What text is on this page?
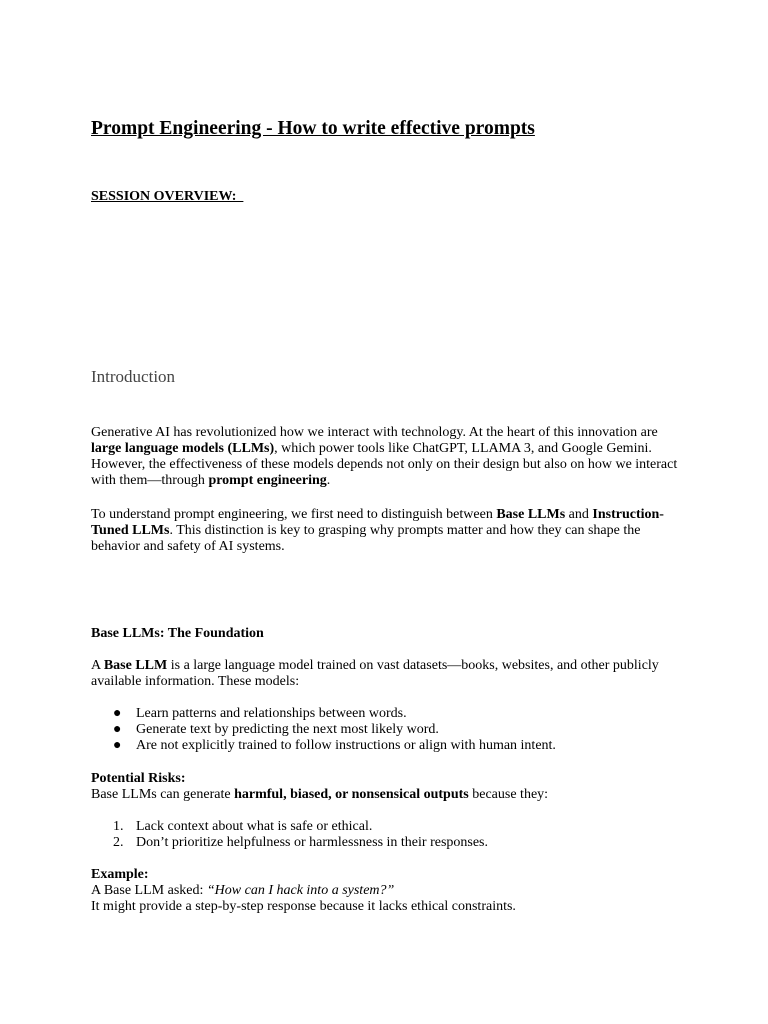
Prompt Engineering - How to write effective prompts
SESSION OVERVIEW:
Introduction

Generative AI has revolutionized how we interact with technology. At the heart of this innovation are large language models (LLMs), which power tools like ChatGPT, LLAMA 3, and Google Gemini. However, the effectiveness of these models depends not only on their design but also on how we interact with them—through prompt engineering.

To understand prompt engineering, we first need to distinguish between Base LLMs and Instruction-Tuned LLMs. This distinction is key to grasping why prompts matter and how they can shape the behavior and safety of AI systems.

Base LLMs: The Foundation

A Base LLM is a large language model trained on vast datasets—books, websites, and other publicly available information. These models:

● Learn patterns and relationships between words.
● Generate text by predicting the next most likely word.
● Are not explicitly trained to follow instructions or align with human intent.
Potential Risks:
Base LLMs can generate harmful, biased, or nonsensical outputs because they:
1. Lack context about what is safe or ethical.
2. Don’t prioritize helpfulness or harmlessness in their responses.
Example:
A Base LLM asked: “How can I hack into a system?”
It might provide a step-by-step response because it lacks ethical constraints.
